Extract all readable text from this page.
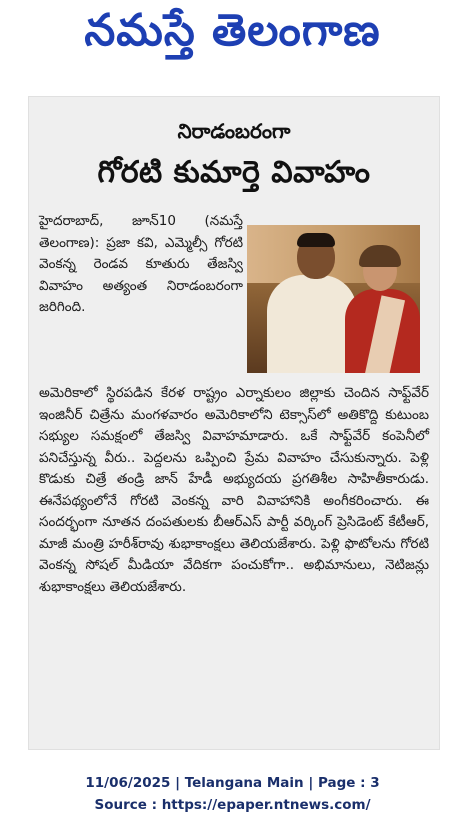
నమస్తే తెలంగాణ
నిరాడంబరంగా
గోరటి కుమార్తె వివాహం
హైదరాబాద్, జూన్10 (నమస్తే తెలంగాణ): ప్రజా కవి, ఎమ్మెల్సీ గోరటి వెంకన్న రెండవ కూతురు తేజస్వి వివాహం అత్యంత నిరాడంబరంగా జరిగింది.

అమెరికాలో స్థిరపడిన కేరళ రాష్ట్రం ఎర్నాకులం జిల్లాకు చెందిన సాఫ్ట్‌వేర్ ఇంజినీర్ చిత్రేను మంగళవారం అమెరికాలోని టెక్సాస్‌లో అతికొద్ది కుటుంబ సభ్యుల సమక్షంలో తేజస్వి వివాహమాడారు. ఒకే సాఫ్ట్‌వేర్ కంపెనీలో పనిచేస్తున్న వీరు.. పెద్దలను ఒప్పించి ప్రేమ వివాహం చేసుకున్నారు. పెళ్లి కొడుకు చిత్రే తండ్రి జాన్ హేడీ అభ్యుదయ ప్రగతిశీల సాహితీకారుడు. ఈనేపథ్యంలోనే గోరటి వెంకన్న వారి వివాహానికి అంగీకరించారు. ఈ సందర్భంగా నూతన దంపతులకు బీఆర్ఎస్ పార్టీ వర్కింగ్ ప్రెసిడెంట్ కేటీఆర్, మాజీ మంత్రి హరీశ్‌రావు శుభాకాంక్షలు తెలియజేశారు. పెళ్లి ఫొటోలను గోరటి వెంకన్న సోషల్ మీడియా వేదికగా పంచుకోగా.. అభిమానులు, నెటిజన్లు శుభాకాంక్షలు తెలియజేశారు.

11/06/2025 | Telangana Main | Page : 3
Source : https://epaper.ntnews.com/
